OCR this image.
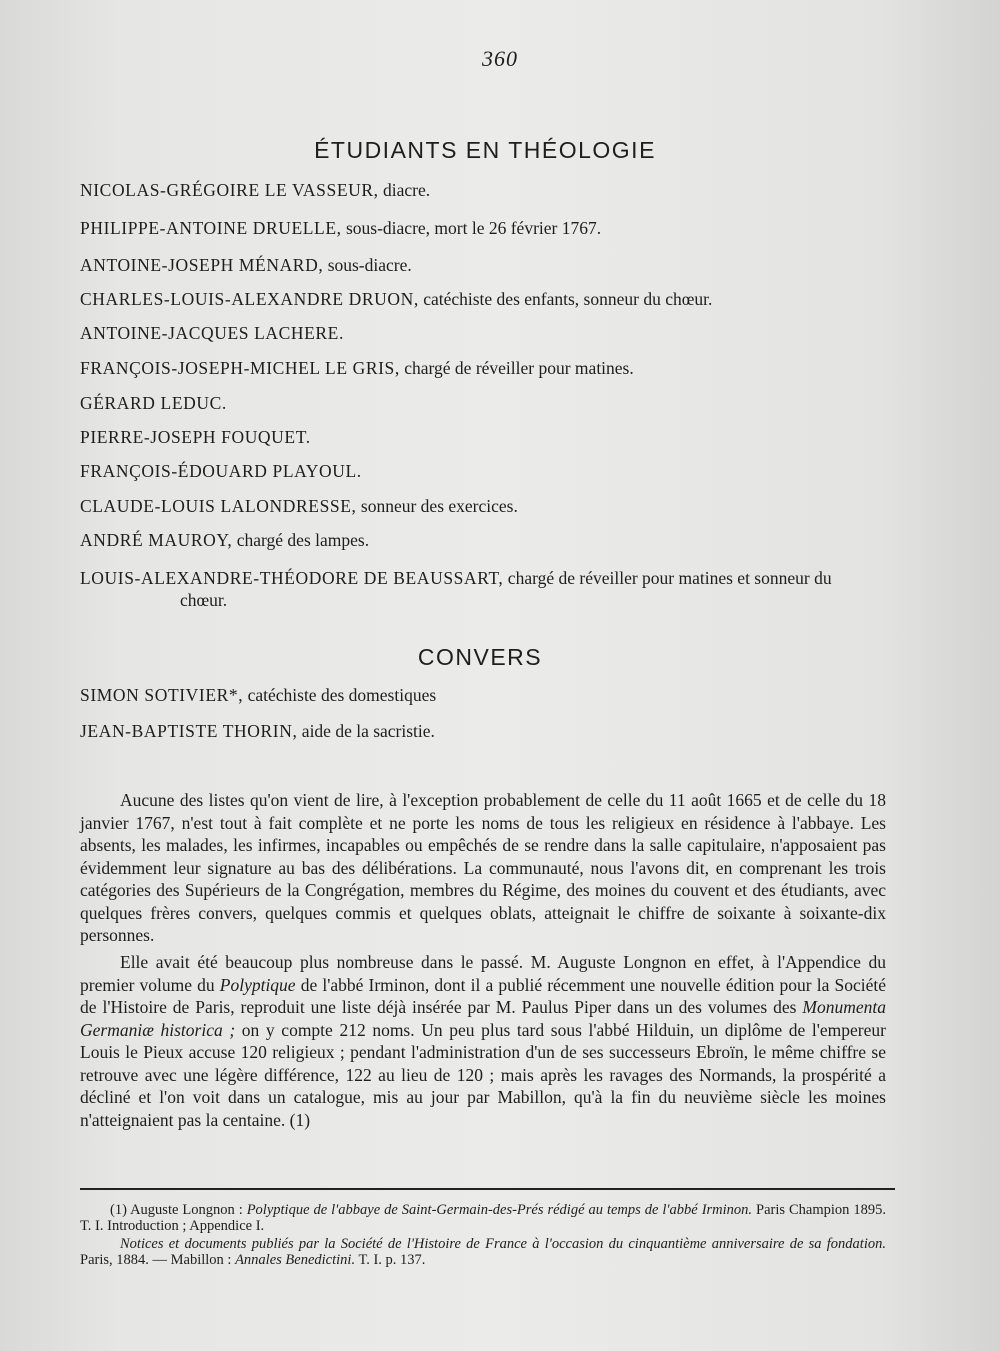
360
ÉTUDIANTS EN THÉOLOGIE
NICOLAS-GRÉGOIRE LE VASSEUR, diacre.
PHILIPPE-ANTOINE DRUELLE, sous-diacre, mort le 26 février 1767.
ANTOINE-JOSEPH MÉNARD, sous-diacre.
CHARLES-LOUIS-ALEXANDRE DRUON, catéchiste des enfants, sonneur du chœur.
ANTOINE-JACQUES LACHERE.
FRANÇOIS-JOSEPH-MICHEL LE GRIS, chargé de réveiller pour matines.
GÉRARD LEDUC.
PIERRE-JOSEPH FOUQUET.
FRANÇOIS-ÉDOUARD PLAYOUL.
CLAUDE-LOUIS LALONDRESSE, sonneur des exercices.
ANDRÉ MAUROY, chargé des lampes.
LOUIS-ALEXANDRE-THÉODORE DE BEAUSSART, chargé de réveiller pour matines et sonneur du
chœur.
CONVERS
SIMON SOTIVIER*, catéchiste des domestiques
JEAN-BAPTISTE THORIN, aide de la sacristie.

Aucune des listes qu'on vient de lire, à l'exception probablement de celle du 11 août 1665 et de celle du 18 janvier 1767, n'est tout à fait complète et ne porte les noms de tous les religieux en résidence à l'abbaye. Les absents, les malades, les infirmes, incapables ou empêchés de se rendre dans la salle capitulaire, n'apposaient pas évidemment leur signature au bas des délibérations. La communauté, nous l'avons dit, en comprenant les trois catégories des Supérieurs de la Congrégation, membres du Régime, des moines du couvent et des étudiants, avec quelques frères convers, quelques commis et quelques oblats, atteignait le chiffre de soixante à soixante-dix personnes.

Elle avait été beaucoup plus nombreuse dans le passé. M. Auguste Longnon en effet, à l'Appendice du premier volume du Polyptique de l'abbé Irminon, dont il a publié récemment une nouvelle édition pour la Société de l'Histoire de Paris, reproduit une liste déjà insérée par M. Paulus Piper dans un des volumes des Monumenta Germaniæ historica ; on y compte 212 noms. Un peu plus tard sous l'abbé Hilduin, un diplôme de l'empereur Louis le Pieux accuse 120 religieux ; pendant l'administration d'un de ses successeurs Ebroïn, le même chiffre se retrouve avec une légère différence, 122 au lieu de 120 ; mais après les ravages des Normands, la prospérité a décliné et l'on voit dans un catalogue, mis au jour par Mabillon, qu'à la fin du neuvième siècle les moines n'atteignaient pas la centaine. (1)

(1) Auguste Longnon : Polyptique de l'abbaye de Saint-Germain-des-Prés rédigé au temps de l'abbé Irminon. Paris Champion 1895. T. I. Introduction ; Appendice I.

Notices et documents publiés par la Société de l'Histoire de France à l'occasion du cinquantième anniversaire de sa fondation. Paris, 1884. — Mabillon : Annales Benedictini. T. I. p. 137.
